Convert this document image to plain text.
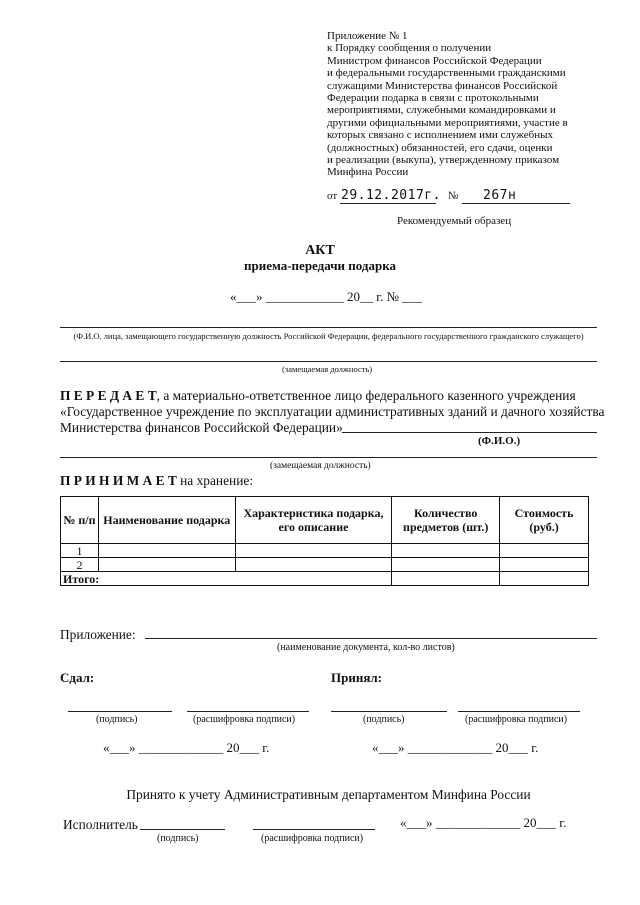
Приложение № 1
к Порядку сообщения о получении
Министром финансов Российской Федерации
и федеральными государственными гражданскими
служащими Министерства финансов Российской
Федерации подарка в связи с протокольными
мероприятиями, служебными командировками и
другими официальными мероприятиями, участие в
которых связано с исполнением ими служебных
(должностных) обязанностей, его сдачи, оценки
и реализации (выкупа), утвержденному приказом
Минфина России
от 29.12.2017г. № 267н
Рекомендуемый образец
АКТ
приема-передачи подарка
«___» ____________ 20__ г. № ___
(Ф.И.О. лица, замещающего государственную должность Российской Федерации, федерального государственного гражданского служащего)
(замещаемая должность)
П Е Р Е Д А Е Т, а материально-ответственное лицо федерального казенного учреждения
«Государственное учреждение по эксплуатации административных зданий и дачного хозяйства
Министерства финансов Российской Федерации»
(Ф.И.О.)
(замещаемая должность)
П Р И Н И М А Е Т на хранение:
№ п/п	Наименование подарка	Характеристика подарка, его описание	Количество предметов (шт.)	Стоимость (руб.)
1				
2				
Итого:				
Приложение:
(наименование документа, кол-во листов)
Сдал:	Принял:
(подпись)	(расшифровка подписи)	(подпись)	(расшифровка подписи)
«___» _____________ 20___ г.	«___» _____________ 20___ г.
Принято к учету Административным департаментом Минфина России
Исполнитель	«___» _____________ 20___ г.
(подпись)	(расшифровка подписи)
